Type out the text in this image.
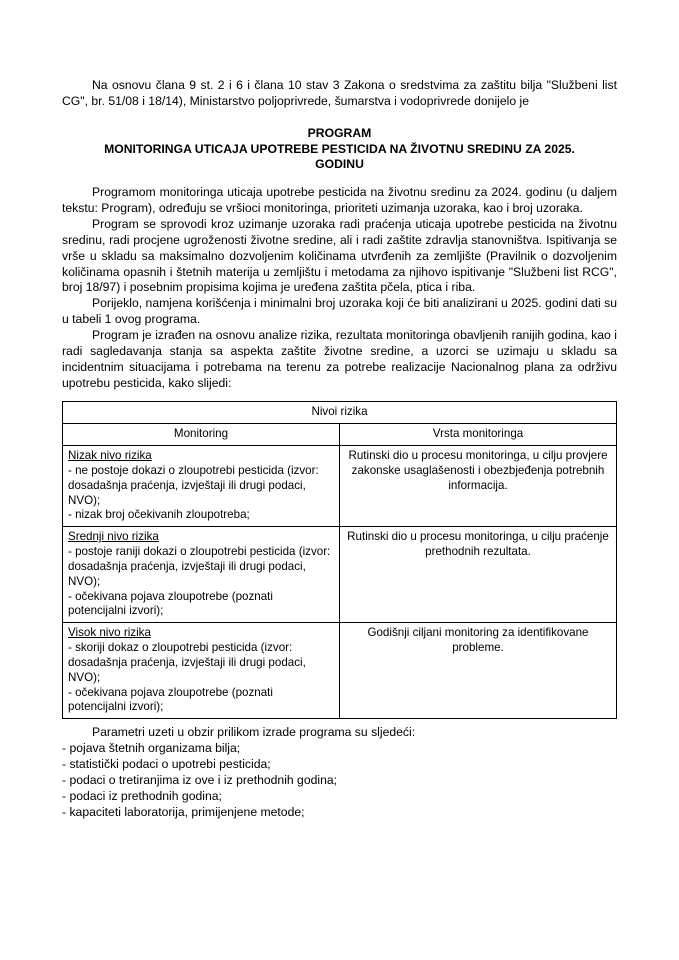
Na osnovu člana 9 st. 2 i 6 i člana 10 stav 3 Zakona o sredstvima za zaštitu bilja "Službeni list CG", br. 51/08 i 18/14), Ministarstvo poljoprivrede, šumarstva i vodoprivrede donijelo je

PROGRAM
MONITORINGA UTICAJA UPOTREBE PESTICIDA NA ŽIVOTNU SREDINU ZA 2025.
GODINU

Programom monitoringa uticaja upotrebe pesticida na životnu sredinu za 2024. godinu (u daljem tekstu: Program), određuju se vršioci monitoringa, prioriteti uzimanja uzoraka, kao i broj uzoraka.

Program se sprovodi kroz uzimanje uzoraka radi praćenja uticaja upotrebe pesticida na životnu sredinu, radi procjene ugroženosti životne sredine, ali i radi zaštite zdravlja stanovništva. Ispitivanja se vrše u skladu sa maksimalno dozvoljenim količinama utvrđenih za zemljište (Pravilnik o dozvoljenim količinama opasnih i štetnih materija u zemljištu i metodama za njihovo ispitivanje "Službeni list RCG", broj 18/97) i posebnim propisima kojima je uređena zaštita pčela, ptica i riba.

Porijeklo, namjena korišćenja i minimalni broj uzoraka koji će biti analizirani u 2025. godini dati su u tabeli 1 ovog programa.

Program je izrađen na osnovu analize rizika, rezultata monitoringa obavljenih ranijih godina, kao i radi sagledavanja stanja sa aspekta zaštite životne sredine, a uzorci se uzimaju u skladu sa incidentnim situacijama i potrebama na terenu za potrebe realizacije Nacionalnog plana za održivu upotrebu pesticida, kako slijedi:

Nivoi rizika	
Monitoring	Vrsta monitoringa

Nizak nivo rizika
- ne postoje dokazi o zloupotrebi pesticida (izvor: dosadašnja praćenja, izvještaji ili drugi podaci, NVO);
- nizak broj očekivanih zloupotreba;	Rutinski dio u procesu monitoringa, u cilju provjere zakonske usaglašenosti i obezbjeđenja potrebnih informacija.

Srednji nivo rizika
- postoje raniji dokazi o zloupotrebi pesticida (izvor: dosadašnja praćenja, izvještaji ili drugi podaci, NVO);
- očekivana pojava zloupotrebe (poznati potencijalni izvori);	Rutinski dio u procesu monitoringa, u cilju praćenje prethodnih rezultata.

Visok nivo rizika
- skoriji dokaz o zloupotrebi pesticida (izvor: dosadašnja praćenja, izvještaji ili drugi podaci, NVO);
- očekivana pojava zloupotrebe (poznati potencijalni izvori);	Godišnji ciljani monitoring za identifikovane probleme.

Parametri uzeti u obzir prilikom izrade programa su sljedeći:

- pojava štetnih organizama bilja;

- statistički podaci o upotrebi pesticida;

- podaci o tretiranjima iz ove i iz prethodnih godina;

- podaci iz prethodnih godina;

- kapaciteti laboratorija, primijenjene metode;
